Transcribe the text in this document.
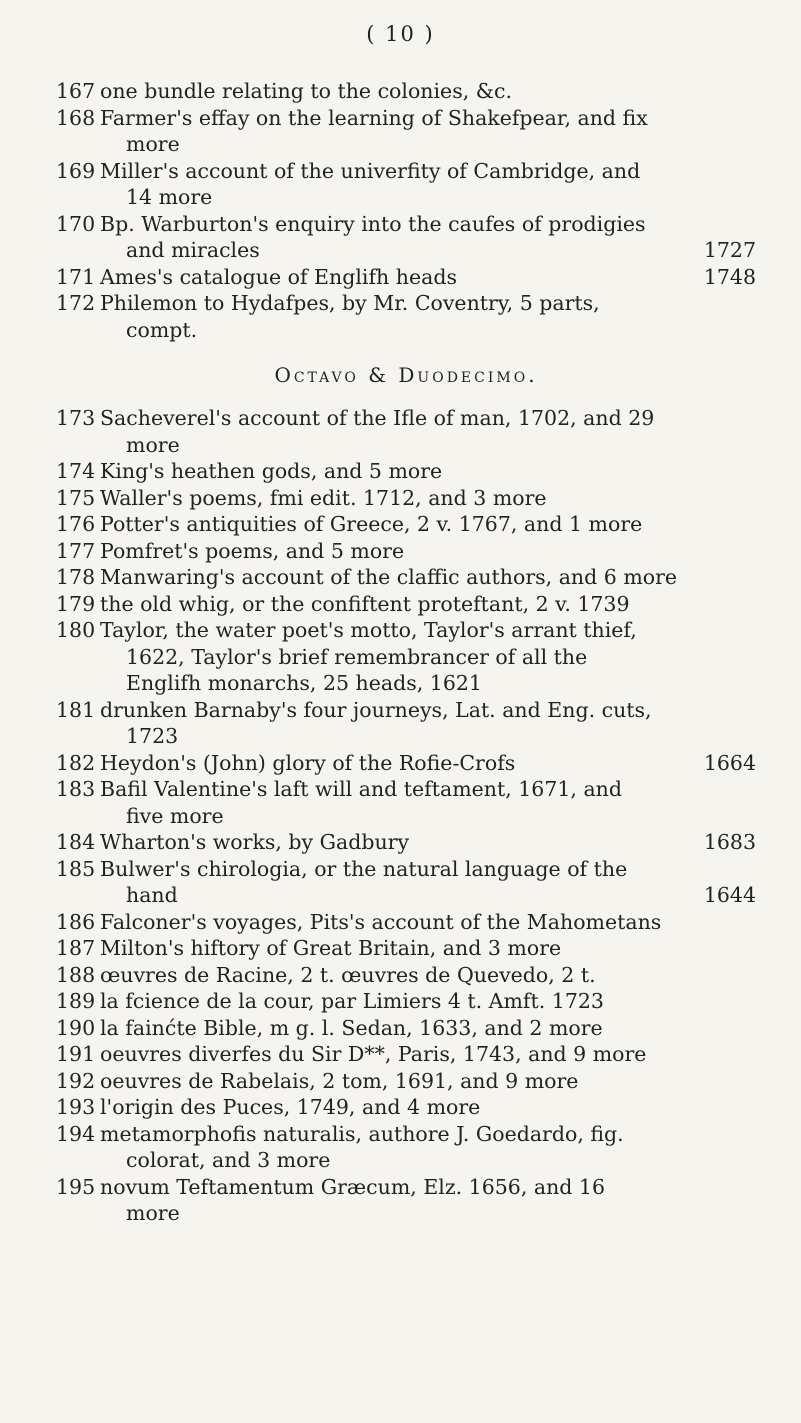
( 10 )
167 one bundle relating to the colonies, &c.
168 Farmer's effay on the learning of Shakefpear, and fix
more
169 Miller's account of the univerfity of Cambridge, and
14 more
170 Bp. Warburton's enquiry into the caufes of prodigies
and miracles	1727
171 Ames's catalogue of Englifh heads	1748
172 Philemon to Hydafpes, by Mr. Coventry, 5 parts,
compt.
Octavo & Duodecimo.
173 Sacheverel's account of the Ifle of man, 1702, and 29
more
174 King's heathen gods, and 5 more
175 Waller's poems, fmi edit. 1712, and 3 more
176 Potter's antiquities of Greece, 2 v. 1767, and 1 more
177 Pomfret's poems, and 5 more
178 Manwaring's account of the claffic authors, and 6 more
179 the old whig, or the confiftent proteftant, 2 v. 1739
180 Taylor, the water poet's motto, Taylor's arrant thief,
1622, Taylor's brief remembrancer of all the
Englifh monarchs, 25 heads, 1621
181 drunken Barnaby's four journeys, Lat. and Eng. cuts,
1723
182 Heydon's (John) glory of the Rofie-Crofs	1664
183 Bafil Valentine's laft will and teftament, 1671, and
five more
184 Wharton's works, by Gadbury	1683
185 Bulwer's chirologia, or the natural language of the
hand	1644
186 Falconer's voyages, Pits's account of the Mahometans
187 Milton's hiftory of Great Britain, and 3 more
188 œuvres de Racine, 2 t. œuvres de Quevedo, 2 t.
189 la fcience de la cour, par Limiers 4 t. Amft. 1723
190 la fainćte Bible, m g. l. Sedan, 1633, and 2 more
191 oeuvres diverfes du Sir D**, Paris, 1743, and 9 more
192 oeuvres de Rabelais, 2 tom, 1691, and 9 more
193 l'origin des Puces, 1749, and 4 more
194 metamorphofis naturalis, authore J. Goedardo, fig.
colorat, and 3 more
195 novum Teftamentum Græcum, Elz. 1656, and 16
more
